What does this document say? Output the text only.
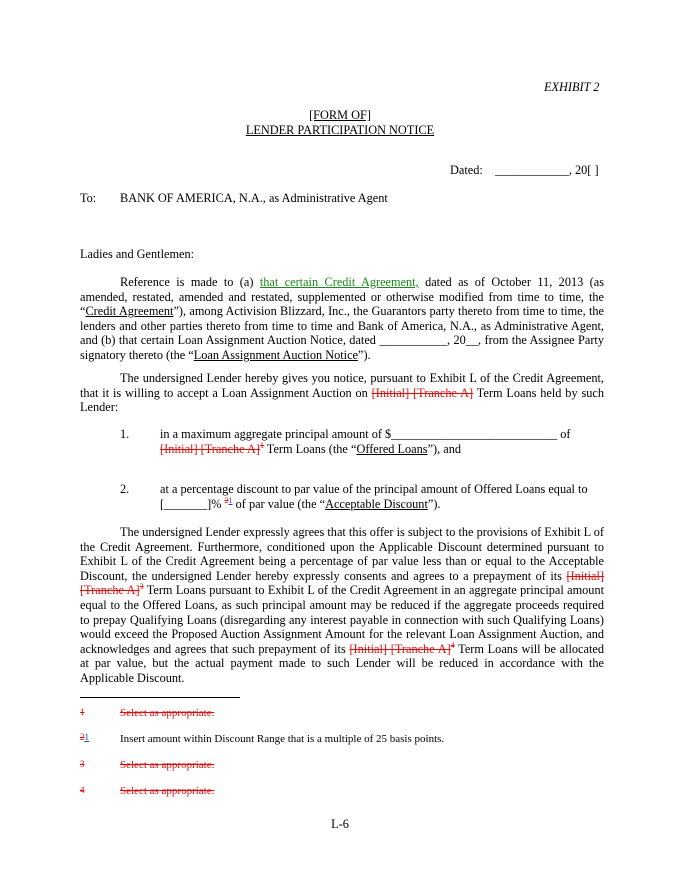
EXHIBIT 2
[FORM OF]
LENDER PARTICIPATION NOTICE
Dated: ____________, 20[ ]
To: BANK OF AMERICA, N.A., as Administrative Agent
Ladies and Gentlemen:
Reference is made to (a) that certain Credit Agreement, dated as of October 11, 2013 (as amended, restated, amended and restated, supplemented or otherwise modified from time to time, the “Credit Agreement”), among Activision Blizzard, Inc., the Guarantors party thereto from time to time, the lenders and other parties thereto from time to time and Bank of America, N.A., as Administrative Agent, and (b) that certain Loan Assignment Auction Notice, dated ___________, 20__, from the Assignee Party signatory thereto (the “Loan Assignment Auction Notice”).
The undersigned Lender hereby gives you notice, pursuant to Exhibit L of the Credit Agreement, that it is willing to accept a Loan Assignment Auction on [Initial] [Tranche A] Term Loans held by such Lender:
1.	in a maximum aggregate principal amount of $___________________________ of [Initial] [Tranche A]$^1$ Term Loans (the “Offered Loans”), and
2.	at a percentage discount to par value of the principal amount of Offered Loans equal to [_______]% $^{21}$ of par value (the “Acceptable Discount”).
The undersigned Lender expressly agrees that this offer is subject to the provisions of Exhibit L of the Credit Agreement. Furthermore, conditioned upon the Applicable Discount determined pursuant to Exhibit L of the Credit Agreement being a percentage of par value less than or equal to the Acceptable Discount, the undersigned Lender hereby expressly consents and agrees to a prepayment of its [Initial] [Tranche A]$^3$ Term Loans pursuant to Exhibit L of the Credit Agreement in an aggregate principal amount equal to the Offered Loans, as such principal amount may be reduced if the aggregate proceeds required to prepay Qualifying Loans (disregarding any interest payable in connection with such Qualifying Loans) would exceed the Proposed Auction Assignment Amount for the relevant Loan Assignment Auction, and acknowledges and agrees that such prepayment of its [Initial] [Tranche A]$^4$ Term Loans will be allocated at par value, but the actual payment made to such Lender will be reduced in accordance with the Applicable Discount.
1	Select as appropriate.
21	Insert amount within Discount Range that is a multiple of 25 basis points.
3	Select as appropriate.
4	Select as appropriate.
L-6
